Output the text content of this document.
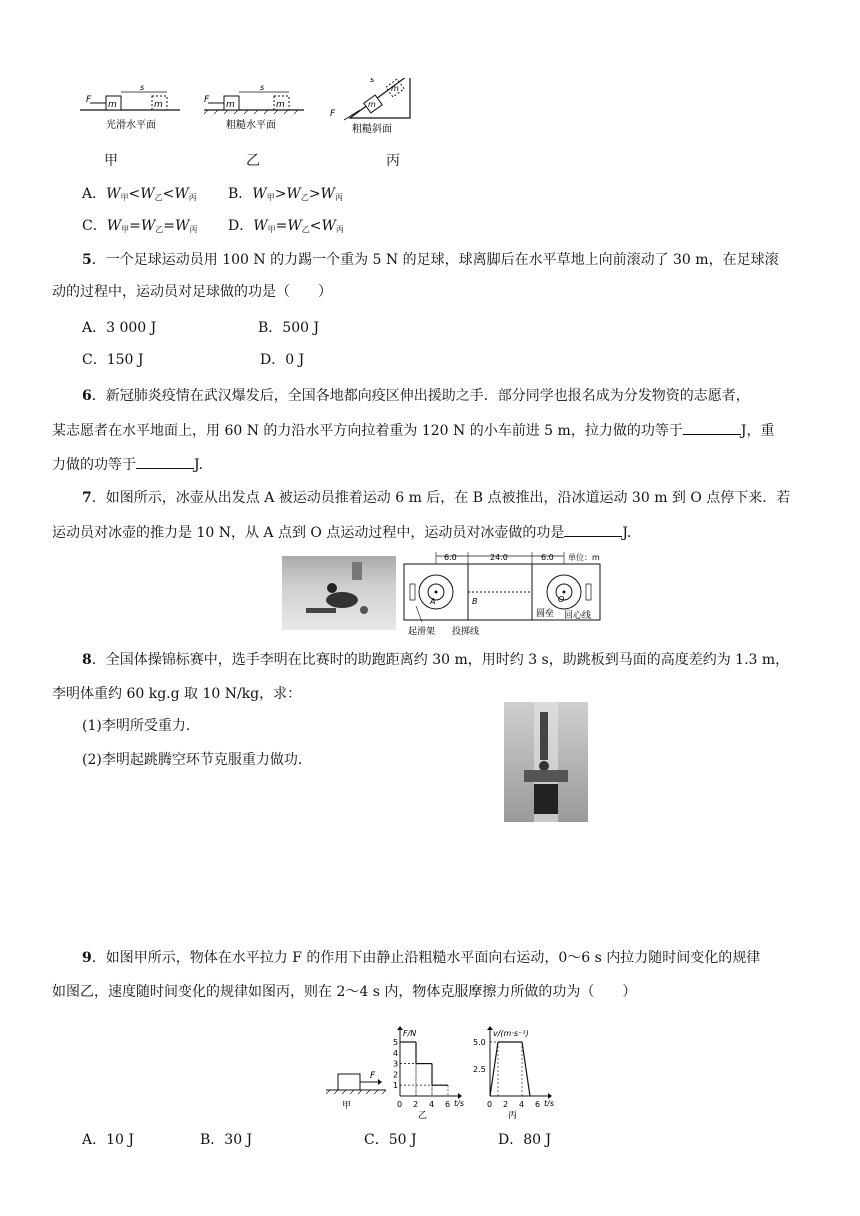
m	m
s
F
光滑水平面
m	m
s
F
粗糙水平面
m
m
s
F
粗糙斜面
甲	乙	丙
A．$W_甲<W_乙<W_丙$ B．$W_甲>W_乙>W_丙$
C．$W_甲=W_乙=W_丙$ D．$W_甲=W_乙<W_丙$
5．一个足球运动员用 100 N 的力踢一个重为 5 N 的足球，球离脚后在水平草地上向前滚动了 30 m，在足球滚
动的过程中，运动员对足球做的功是（　　）
A．3 000 J	B．500 J
C．150 J	D．0 J
6．新冠肺炎疫情在武汉爆发后，全国各地都向疫区伸出援助之手．部分同学也报名成为分发物资的志愿者，
某志愿者在水平地面上，用 60 N 的力沿水平方向拉着重为 120 N 的小车前进 5 m，拉力做的功等于	J，重
力做的功等于	J.
7．如图所示，冰壶从出发点 A 被运动员推着运动 6 m 后，在 B 点被推出，沿冰道运动 30 m 到 O 点停下来．若
运动员对冰壶的推力是 10 N，从 A 点到 O 点运动过程中，运动员对冰壶做的功是	J.
6.0	24.0	6.0 单位：m
A	B	O
起滑架 投掷线
圆垒 回心线
8．全国体操锦标赛中，选手李明在比赛时的助跑距离约 30 m，用时约 3 s，助跳板到马面的高度差约为 1.3 m，
李明体重约 60 kg.g 取 10 N/kg，求：
(1)李明所受重力．
(2)李明起跳腾空环节克服重力做功．
9．如图甲所示，物体在水平拉力 F 的作用下由静止沿粗糙水平面向右运动，0～6 s 内拉力随时间变化的规律
如图乙，速度随时间变化的规律如图丙，则在 2～4 s 内，物体克服摩擦力所做的功为（　　）
F
甲
F/N
t/s
0 2 4 6
5
4
3
2
1
乙
v/(m·s⁻¹)
t/s
0 2 4 6
5.0
2.5
丙
A．10 J	B．30 J	C．50 J	D．80 J
